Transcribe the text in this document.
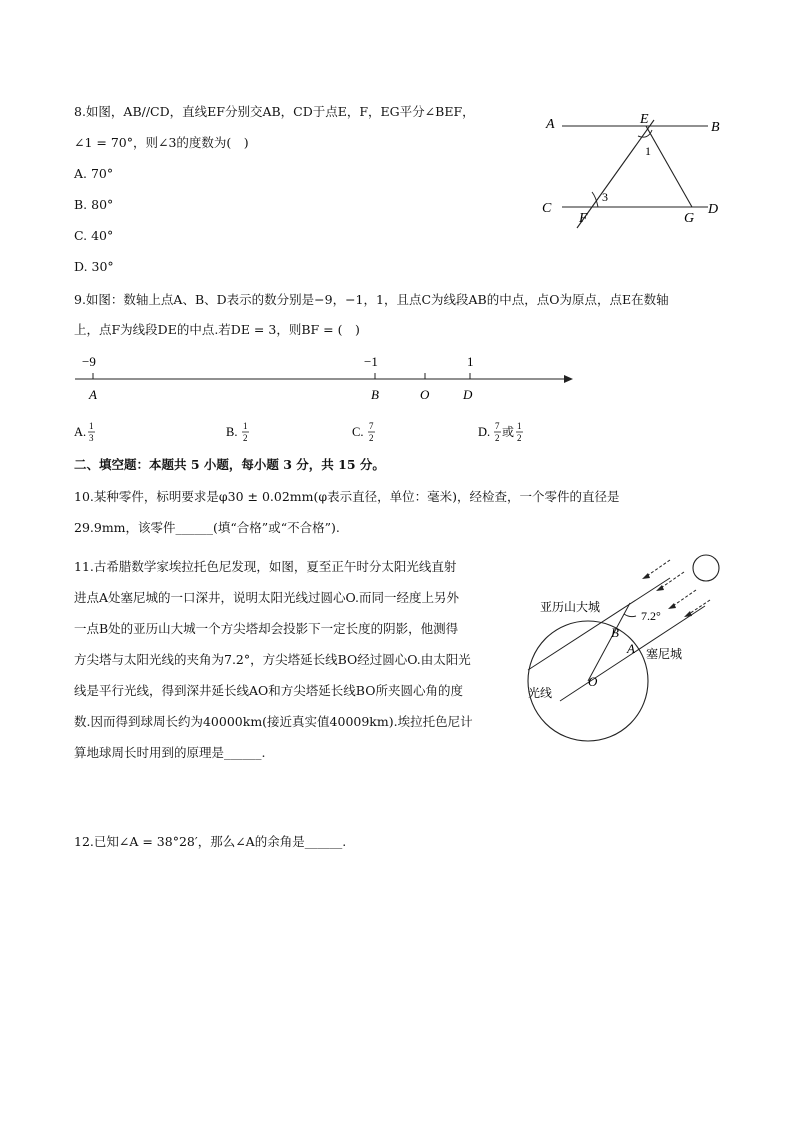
8.如图，AB//CD，直线EF分别交AB，CD于点E，F，EG平分∠BEF，
∠1 = 70°，则∠3的度数为(　)
A. 70°
B. 80°
C. 40°
D. 30°
A	B
C	D
E
F	G
1
3
9.如图：数轴上点A、B、D表示的数分别是−9，−1，1，且点C为线段AB的中点，点O为原点，点E在数轴
上，点F为线段DE的中点.若DE = 3，则BF = (　)
−9	−1	1
A	B	O	D
A. 1
3	B. 1
2	C. 7
2	D. 7
2 或 1
2
二、填空题：本题共 5 小题，每小题 3 分，共 15 分。
10.某种零件，标明要求是φ30 ± 0.02mm(φ表示直径，单位：毫米)，经检查，一个零件的直径是
29.9mm，该零件______(填“合格”或“不合格”).
11.古希腊数学家埃拉托色尼发现，如图，夏至正午时分太阳光线直射
进点A处塞尼城的一口深井，说明太阳光线过圆心O.而同一经度上另外
一点B处的亚历山大城一个方尖塔却会投影下一定长度的阴影，他测得
方尖塔与太阳光线的夹角为7.2°，方尖塔延长线BO经过圆心O.由太阳光
线是平行光线，得到深井延长线AO和方尖塔延长线BO所夹圆心角的度
数.因而得到球周长约为40000km(接近真实值40009km).埃拉托色尼计
算地球周长时用到的原理是______.
亚历山大城
塞尼城
光线
7.2°
B
A
O
12.已知∠A = 38°28′，那么∠A的余角是______.
